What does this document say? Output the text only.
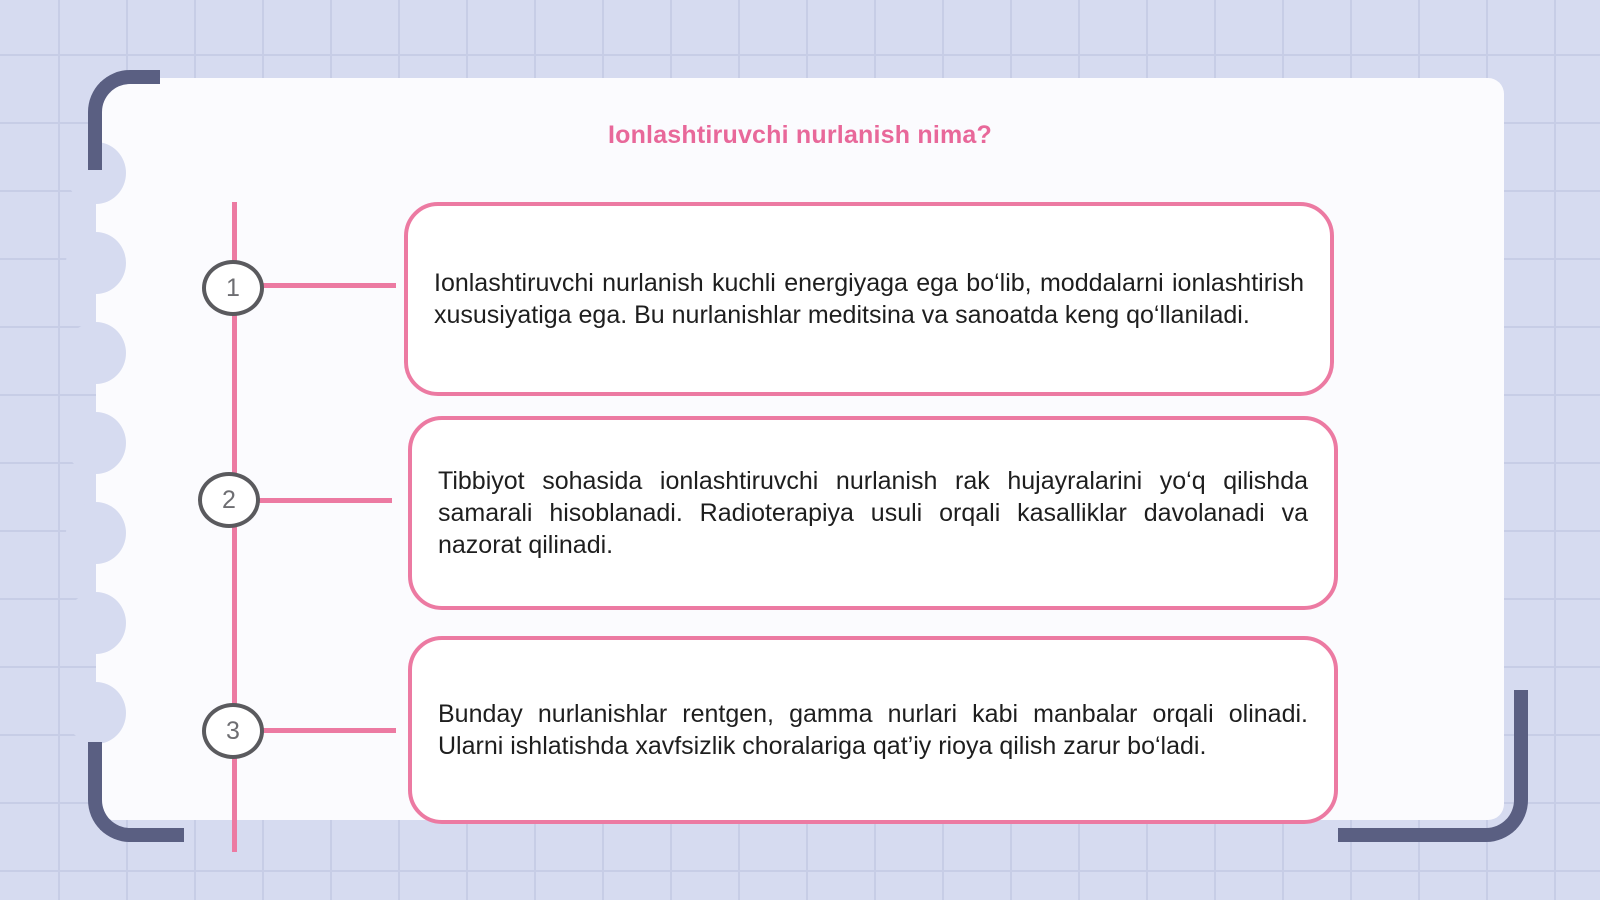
Ionlashtiruvchi nurlanish nima?
1
2
3

Ionlashtiruvchi nurlanish kuchli energiyaga ega bo‘lib, moddalarni ionlashtirish xususiyatiga ega. Bu nurlanishlar meditsina va sanoatda keng qo‘llaniladi.

Tibbiyot sohasida ionlashtiruvchi nurlanish rak hujayralarini yo‘q qilishda samarali hisoblanadi. Radioterapiya usuli orqali kasalliklar davolanadi va nazorat qilinadi.

Bunday nurlanishlar rentgen, gamma nurlari kabi manbalar orqali olinadi. Ularni ishlatishda xavfsizlik choralariga qat’iy rioya qilish zarur bo‘ladi.
